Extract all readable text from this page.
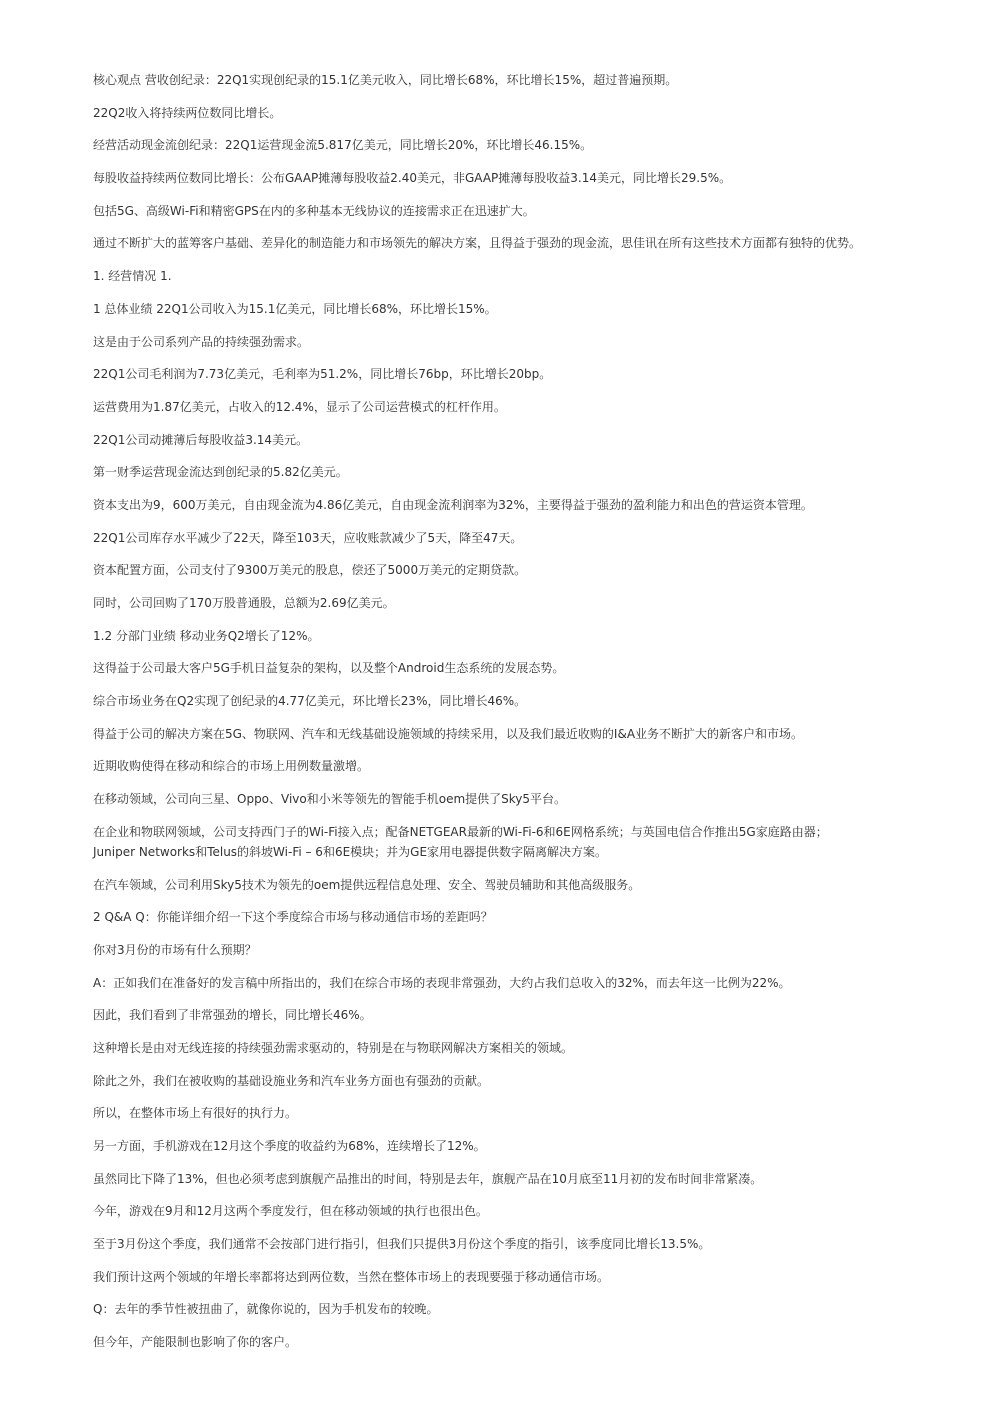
核心观点 营收创纪录：22Q1实现创纪录的15.1亿美元收入，同比增长68%，环比增长15%，超过普遍预期。

22Q2收入将持续两位数同比增长。

经营活动现金流创纪录：22Q1运营现金流5.817亿美元，同比增长20%，环比增长46.15%。

每股收益持续两位数同比增长：公布GAAP摊薄每股收益2.40美元，非GAAP摊薄每股收益3.14美元，同比增长29.5%。

包括5G、高级Wi-Fi和精密GPS在内的多种基本无线协议的连接需求正在迅速扩大。

通过不断扩大的蓝筹客户基础、差异化的制造能力和市场领先的解决方案，且得益于强劲的现金流，思佳讯在所有这些技术方面都有独特的优势。

1. 经营情况 1.

1 总体业绩 22Q1公司收入为15.1亿美元，同比增长68%，环比增长15%。

这是由于公司系列产品的持续强劲需求。

22Q1公司毛利润为7.73亿美元，毛利率为51.2%，同比增长76bp，环比增长20bp。

运营费用为1.87亿美元，占收入的12.4%，显示了公司运营模式的杠杆作用。

22Q1公司动摊薄后每股收益3.14美元。

第一财季运营现金流达到创纪录的5.82亿美元。

资本支出为9，600万美元，自由现金流为4.86亿美元，自由现金流利润率为32%，主要得益于强劲的盈利能力和出色的营运资本管理。

22Q1公司库存水平减少了22天，降至103天，应收账款减少了5天，降至47天。

资本配置方面，公司支付了9300万美元的股息，偿还了5000万美元的定期贷款。

同时，公司回购了170万股普通股，总额为2.69亿美元。

1.2 分部门业绩 移动业务Q2增长了12%。

这得益于公司最大客户5G手机日益复杂的架构，以及整个Android生态系统的发展态势。

综合市场业务在Q2实现了创纪录的4.77亿美元，环比增长23%，同比增长46%。

得益于公司的解决方案在5G、物联网、汽车和无线基础设施领域的持续采用，以及我们最近收购的I&A业务不断扩大的新客户和市场。

近期收购使得在移动和综合的市场上用例数量激增。

在移动领域，公司向三星、Oppo、Vivo和小米等领先的智能手机oem提供了Sky5平台。

在企业和物联网领域，公司支持西门子的Wi-Fi接入点；配备NETGEAR最新的Wi-Fi-6和6E网格系统；与英国电信合作推出5G家庭路由器；
Juniper Networks和Telus的斜坡Wi-Fi – 6和6E模块；并为GE家用电器提供数字隔离解决方案。

在汽车领域，公司利用Sky5技术为领先的oem提供远程信息处理、安全、驾驶员辅助和其他高级服务。

2 Q&A Q：你能详细介绍一下这个季度综合市场与移动通信市场的差距吗？

你对3月份的市场有什么预期？

A：正如我们在准备好的发言稿中所指出的，我们在综合市场的表现非常强劲，大约占我们总收入的32%，而去年这一比例为22%。

因此，我们看到了非常强劲的增长，同比增长46%。

这种增长是由对无线连接的持续强劲需求驱动的，特别是在与物联网解决方案相关的领域。

除此之外，我们在被收购的基础设施业务和汽车业务方面也有强劲的贡献。

所以，在整体市场上有很好的执行力。

另一方面，手机游戏在12月这个季度的收益约为68%，连续增长了12%。

虽然同比下降了13%，但也必须考虑到旗舰产品推出的时间，特别是去年，旗舰产品在10月底至11月初的发布时间非常紧凑。

今年，游戏在9月和12月这两个季度发行，但在移动领域的执行也很出色。

至于3月份这个季度，我们通常不会按部门进行指引，但我们只提供3月份这个季度的指引，该季度同比增长13.5%。

我们预计这两个领域的年增长率都将达到两位数，当然在整体市场上的表现要强于移动通信市场。

Q：去年的季节性被扭曲了，就像你说的，因为手机发布的较晚。

但今年，产能限制也影响了你的客户。
